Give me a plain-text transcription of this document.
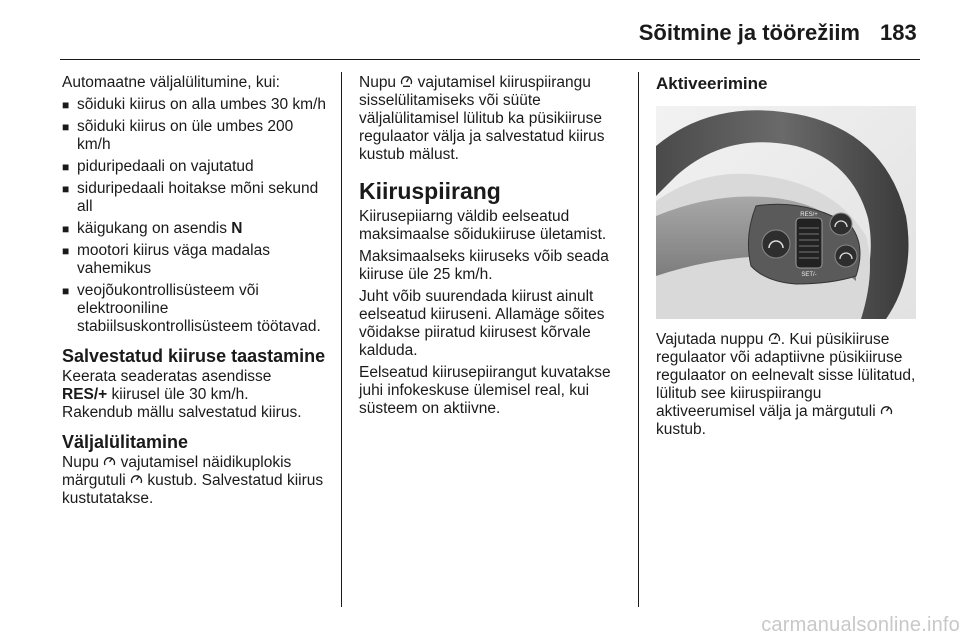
Sõitmine ja töörežiim 183

Automaatne väljalülitumine, kui:

■ sõiduki kiirus on alla umbes 30 km/h
■ sõiduki kiirus on üle umbes 200 km/h
■ piduripedaali on vajutatud
■ siduripedaali hoitakse mõni sekund all
■ käigukang on asendis N
■ mootori kiirus väga madalas vahemikus
■ veojõukontrollisüsteem või elektrooniline stabiilsuskontrollisüsteem töötavad.
Salvestatud kiiruse taastamine

Keerata seaderatas asendisse
RES/+ kiirusel üle 30 km/h.
Rakendub mällu salvestatud kiirus.

Väljalülitamine

Nupu  vajutamisel näidikuplokis märgutuli  kustub. Salvestatud kiirus kustutatakse.

Nupu  vajutamisel kiiruspiirangu sisselülitamiseks või süüte väljalülitamisel lülitub ka püsikiiruse regulaator välja ja salvestatud kiirus kustub mälust.

Kiiruspiirang

Kiirusepiiarng väldib eelseatud maksimaalse sõidukiiruse ületamist.

Maksimaalseks kiiruseks võib seada kiiruse üle 25 km/h.

Juht võib suurendada kiirust ainult eelseatud kiiruseni. Allamäge sõites võidakse piiratud kiirusest kõrvale kalduda.

Eelseatud kiirusepiirangut kuvatakse juhi infokeskuse ülemisel real, kui süsteem on aktiivne.

Aktiveerimine
RES/+
SET/-

Vajutada nuppu . Kui püsikiiruse regulaator või adaptiivne püsikiiruse regulaator on eelnevalt sisse lülitatud, lülitub see kiiruspiirangu aktiveerumisel välja ja märgutuli  kustub.

carmanualsonline.info
